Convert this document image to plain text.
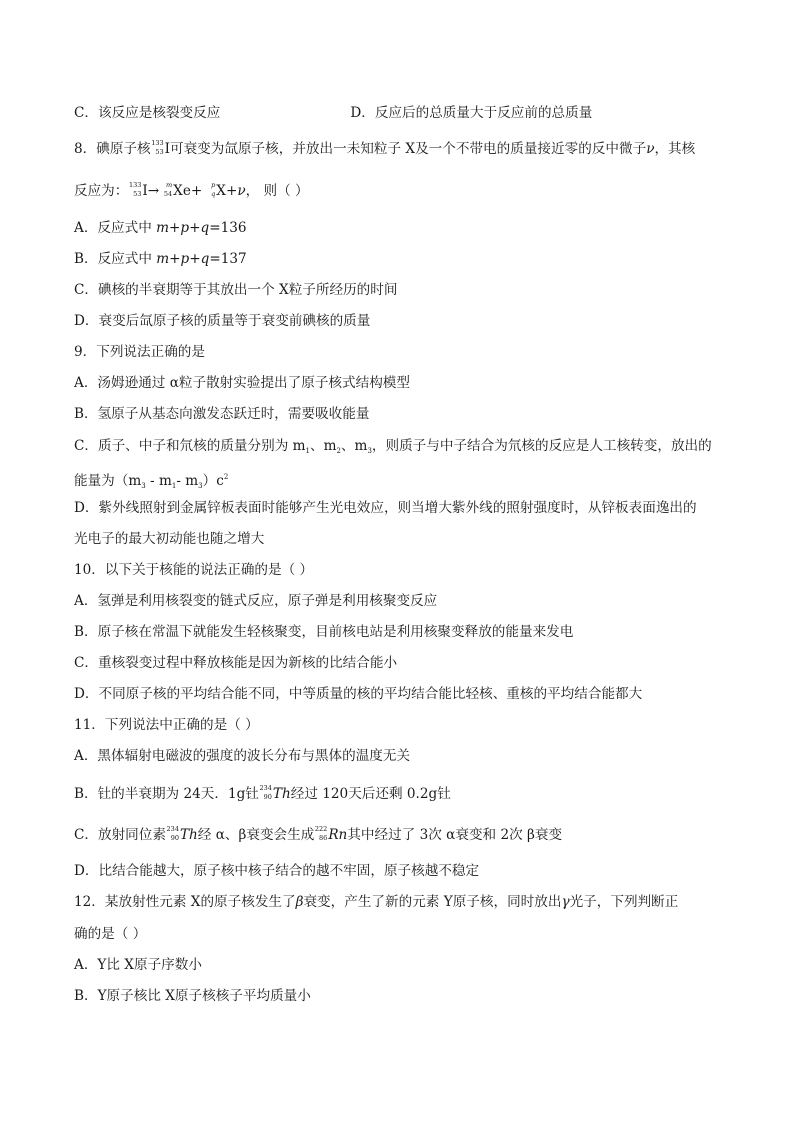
C．该反应是核裂变反应	D．反应后的总质量大于反应前的总质量
8．碘原子核 133
53 I可衰变为氙原子核，并放出一未知粒子 X及一个不带电的质量接近零的反中微子ν，其核
反应为： 133
53 I→ m
54 Xe+ p
q X+ν， 则（ ）
A．反应式中 m+p+q=136
B．反应式中 m+p+q=137
C．碘核的半衰期等于其放出一个 X粒子所经历的时间
D．衰变后氙原子核的质量等于衰变前碘核的质量
9．下列说法正确的是
A．汤姆逊通过 α粒子散射实验提出了原子核式结构模型
B．氢原子从基态向激发态跃迁时，需要吸收能量
C．质子、中子和氘核的质量分别为 $m_1$、$m_2$、$m_3$，则质子与中子结合为氘核的反应是人工核转变，放出的
能量为（$m_3 - m_1-$ $m_3)c^2$
D．紫外线照射到金属锌板表面时能够产生光电效应，则当增大紫外线的照射强度时，从锌板表面逸出的
光电子的最大初动能也随之增大
10．以下关于核能的说法正确的是（ ）
A．氢弹是利用核裂变的链式反应，原子弹是利用核聚变反应
B．原子核在常温下就能发生轻核聚变，目前核电站是利用核聚变释放的能量来发电
C．重核裂变过程中释放核能是因为新核的比结合能小
D．不同原子核的平均结合能不同，中等质量的核的平均结合能比轻核、重核的平均结合能都大
11．下列说法中正确的是（ ）
A．黑体辐射电磁波的强度的波长分布与黑体的温度无关
B．钍的半衰期为 24天．1g钍 234
90 Th经过 120天后还剩 0.2g钍
C．放射同位素 234
90 Th经 α、β衰变会生成 222
86 Rn其中经过了 3次 α衰变和 2次 β衰变
D．比结合能越大，原子核中核子结合的越不牢固，原子核越不稳定
12．某放射性元素 X的原子核发生了β衰变，产生了新的元素 Y原子核，同时放出γ光子，下列判断正
确的是（ ）
A．Y比 X原子序数小
B．Y原子核比 X原子核核子平均质量小
